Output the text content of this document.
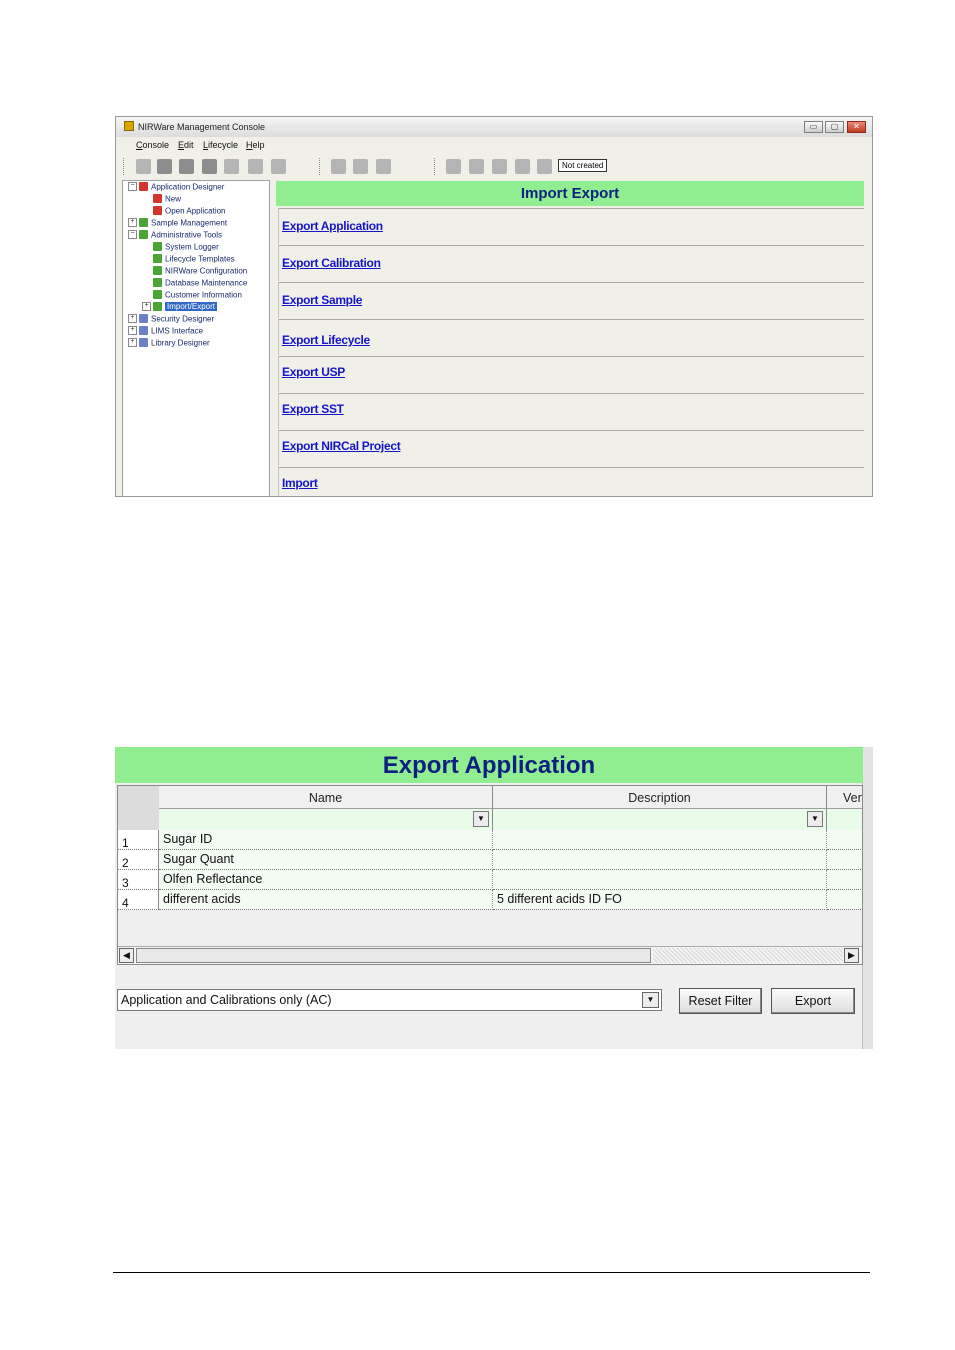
NIRWare Management Console	▭	▢	✕
Console Edit Lifecycle Help
Not created
− Application Designer
New
Open Application
+ Sample Management
− Administrative Tools
System Logger
Lifecycle Templates
NIRWare Configuration
Database Maintenance
Customer Information
+ Import/Export
+ Security Designer
+ LIMS Interface
+ Library Designer
Import Export
Export Application
Export Calibration
Export Sample
Export Lifecycle
Export USP
Export SST
Export NIRCal Project
Import
Export Application
Name	Description	Ver
▼	▼
1	Sugar ID
2	Sugar Quant
3	Olfen Reflectance
4	different acids	5 different acids ID FO
◀	▶
Application and Calibrations only (AC)	▼	Reset Filter	Export
